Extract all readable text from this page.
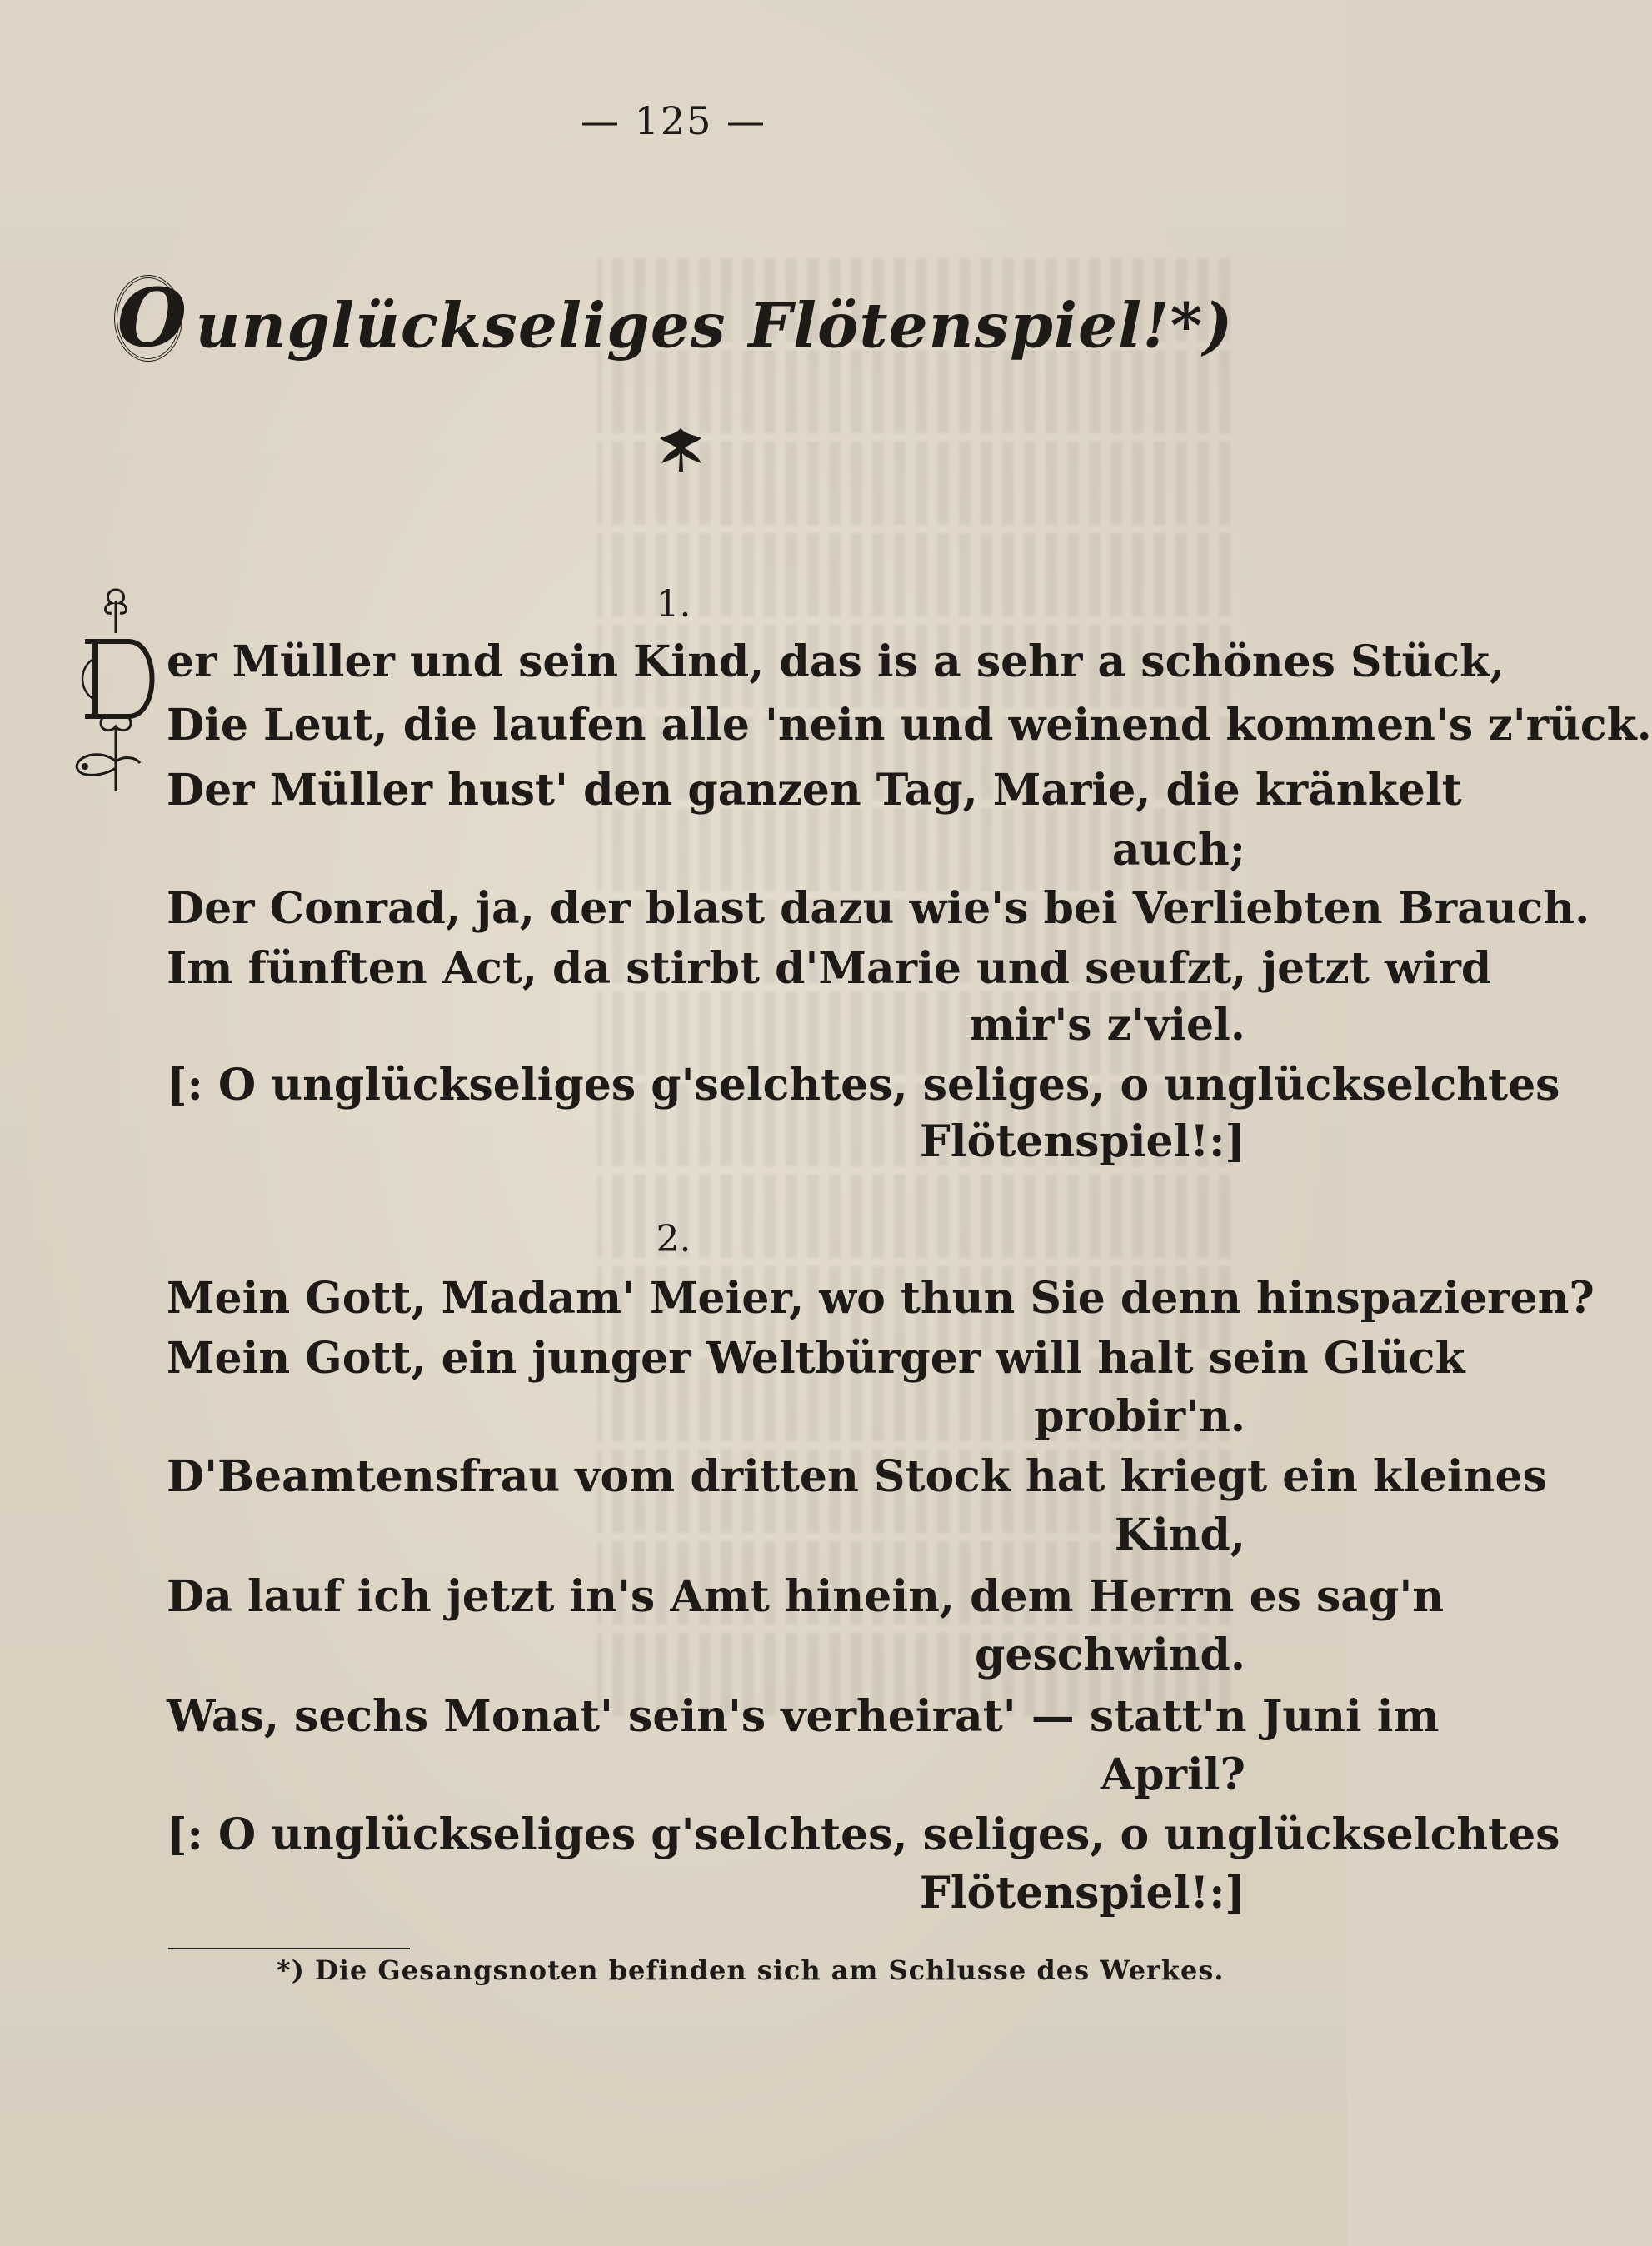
— 125 —
O unglückseliges Flötenspiel!*)
1.
er Müller und sein Kind, das is a sehr a schönes Stück,
Die Leut, die laufen alle 'nein und weinend kommen's z'rück.
Der Müller hust' den ganzen Tag, Marie, die kränkelt
auch;
Der Conrad, ja, der blast dazu wie's bei Verliebten Brauch.
Im fünften Act, da stirbt d'Marie und seufzt, jetzt wird
mir's z'viel.
[: O unglückseliges g'selchtes, seliges, o unglückselchtes
Flötenspiel!:]
2.
Mein Gott, Madam' Meier, wo thun Sie denn hinspazieren?
Mein Gott, ein junger Weltbürger will halt sein Glück
probir'n.
D'Beamtensfrau vom dritten Stock hat kriegt ein kleines
Kind,
Da lauf ich jetzt in's Amt hinein, dem Herrn es sag'n
geschwind.
Was, sechs Monat' sein's verheirat' — statt'n Juni im
April?
[: O unglückseliges g'selchtes, seliges, o unglückselchtes
Flötenspiel!:]
*) Die Gesangsnoten befinden sich am Schlusse des Werkes.
